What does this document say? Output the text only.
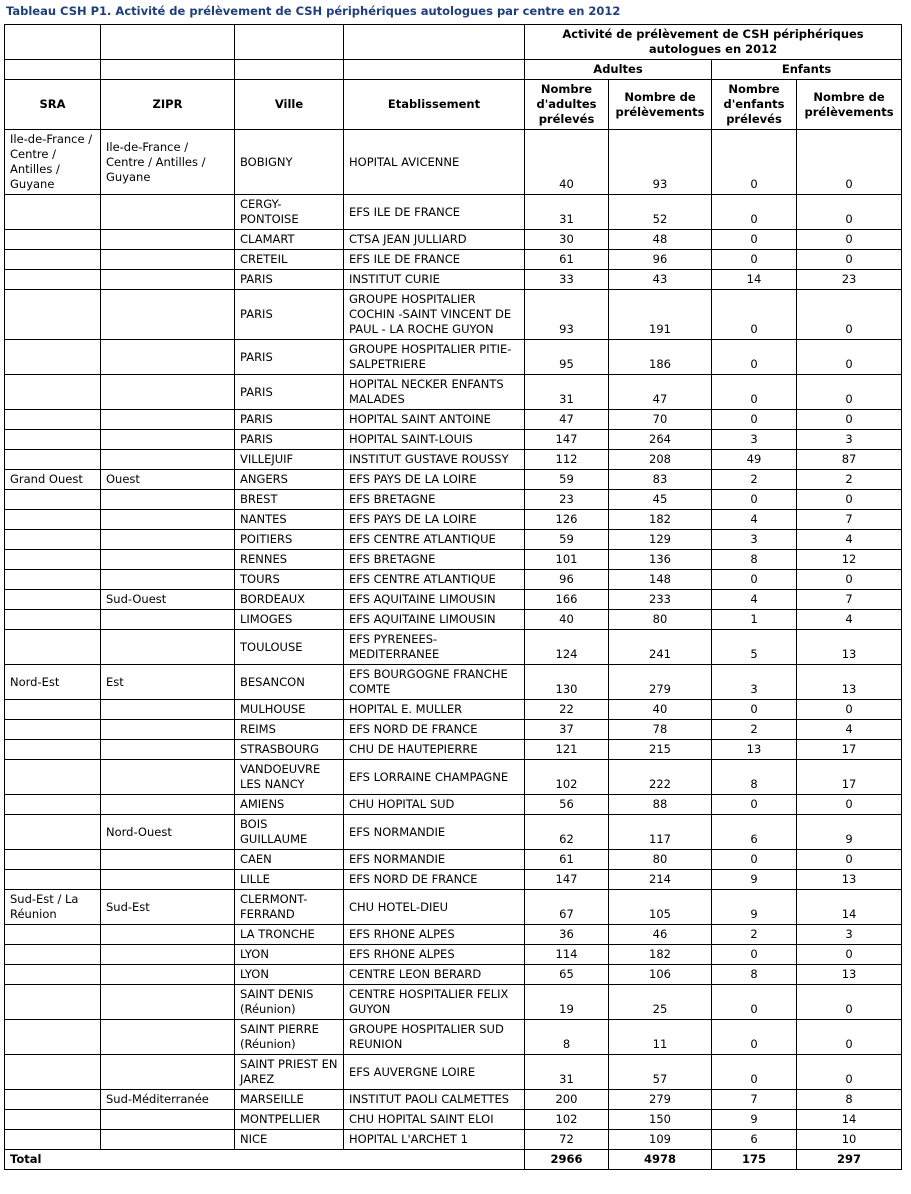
Tableau CSH P1. Activité de prélèvement de CSH périphériques autologues par centre en 2012
				Activité de prélèvement de CSH périphériques autologues en 2012			
				Adultes		Enfants	
SRA	ZIPR	Ville	Etablissement	Nombre d'adultes prélevés	Nombre de prélèvements	Nombre d'enfants prélevés	Nombre de prélèvements
Ile-de-France / Centre / Antilles / Guyane	Ile-de-France / Centre / Antilles / Guyane	BOBIGNY	HOPITAL AVICENNE	40	93	0	0

		CERGY-PONTOISE	EFS ILE DE FRANCE	31	52	0	0

		CLAMART	CTSA JEAN JULLIARD	30	48	0	0

		CRETEIL	EFS ILE DE FRANCE	61	96	0	0

		PARIS	INSTITUT CURIE	33	43	14	23

		PARIS	GROUPE HOSPITALIER COCHIN -SAINT VINCENT DE PAUL - LA ROCHE GUYON	93	191	0	0

		PARIS	GROUPE HOSPITALIER PITIE-SALPETRIERE	95	186	0	0

		PARIS	HOPITAL NECKER ENFANTS MALADES	31	47	0	0

		PARIS	HOPITAL SAINT ANTOINE	47	70	0	0

		PARIS	HOPITAL SAINT-LOUIS	147	264	3	3

		VILLEJUIF	INSTITUT GUSTAVE ROUSSY	112	208	49	87

Grand Ouest	Ouest	ANGERS	EFS PAYS DE LA LOIRE	59	83	2	2

		BREST	EFS BRETAGNE	23	45	0	0

		NANTES	EFS PAYS DE LA LOIRE	126	182	4	7

		POITIERS	EFS CENTRE ATLANTIQUE	59	129	3	4

		RENNES	EFS BRETAGNE	101	136	8	12

		TOURS	EFS CENTRE ATLANTIQUE	96	148	0	0

	Sud-Ouest	BORDEAUX	EFS AQUITAINE LIMOUSIN	166	233	4	7

		LIMOGES	EFS AQUITAINE LIMOUSIN	40	80	1	4

		TOULOUSE	EFS PYRENEES-MEDITERRANEE	124	241	5	13

Nord-Est	Est	BESANCON	EFS BOURGOGNE FRANCHE COMTE	130	279	3	13

		MULHOUSE	HOPITAL E. MULLER	22	40	0	0

		REIMS	EFS NORD DE FRANCE	37	78	2	4

		STRASBOURG	CHU DE HAUTEPIERRE	121	215	13	17

		VANDOEUVRE LES NANCY	EFS LORRAINE CHAMPAGNE	102	222	8	17

		AMIENS	CHU HOPITAL SUD	56	88	0	0

	Nord-Ouest	BOIS GUILLAUME	EFS NORMANDIE	62	117	6	9

		CAEN	EFS NORMANDIE	61	80	0	0

		LILLE	EFS NORD DE FRANCE	147	214	9	13

Sud-Est / La Réunion	Sud-Est	CLERMONT-FERRAND	CHU HOTEL-DIEU	67	105	9	14

		LA TRONCHE	EFS RHONE ALPES	36	46	2	3

		LYON	EFS RHONE ALPES	114	182	0	0

		LYON	CENTRE LEON BERARD	65	106	8	13

		SAINT DENIS (Réunion)	CENTRE HOSPITALIER FELIX GUYON	19	25	0	0

		SAINT PIERRE (Réunion)	GROUPE HOSPITALIER SUD REUNION	8	11	0	0

		SAINT PRIEST EN JAREZ	EFS AUVERGNE LOIRE	31	57	0	0

	Sud-Méditerranée	MARSEILLE	INSTITUT PAOLI CALMETTES	200	279	7	8

		MONTPELLIER	CHU HOPITAL SAINT ELOI	102	150	9	14

		NICE	HOPITAL L'ARCHET 1	72	109	6	10

Total				2966	4978	175	297
